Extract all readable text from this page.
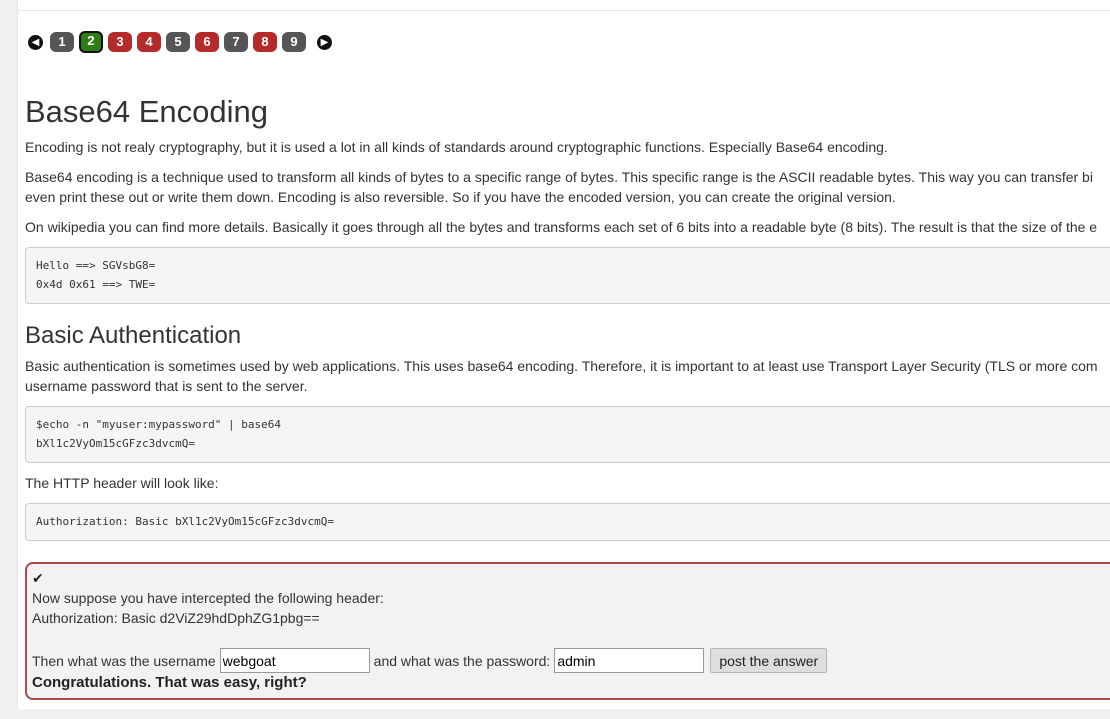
◀	1	2	3	4	5	6	7	8	9	▶
Base64 Encoding

Encoding is not realy cryptography, but it is used a lot in all kinds of standards around cryptographic functions. Especially Base64 encoding.

Base64 encoding is a technique used to transform all kinds of bytes to a specific range of bytes. This specific range is the ASCII readable bytes. This way you can transfer bi

even print these out or write them down. Encoding is also reversible. So if you have the encoded version, you can create the original version.

On wikipedia you can find more details. Basically it goes through all the bytes and transforms each set of 6 bits into a readable byte (8 bits). The result is that the size of the e

Hello ==> SGVsbG8=
0x4d 0x61 ==> TWE=
Basic Authentication

Basic authentication is sometimes used by web applications. This uses base64 encoding. Therefore, it is important to at least use Transport Layer Security (TLS or more com

username password that is sent to the server.

$echo -n "myuser:mypassword" | base64
bXl1c2VyOm15cGFzc3dvcmQ=

The HTTP header will look like:

Authorization: Basic bXl1c2VyOm15cGFzc3dvcmQ=
✔
Now suppose you have intercepted the following header:
Authorization: Basic d2ViZ29hdDphZG1pbg==
Then what was the username
webgoat	and what was the password:
admin	post the answer
Congratulations. That was easy, right?
